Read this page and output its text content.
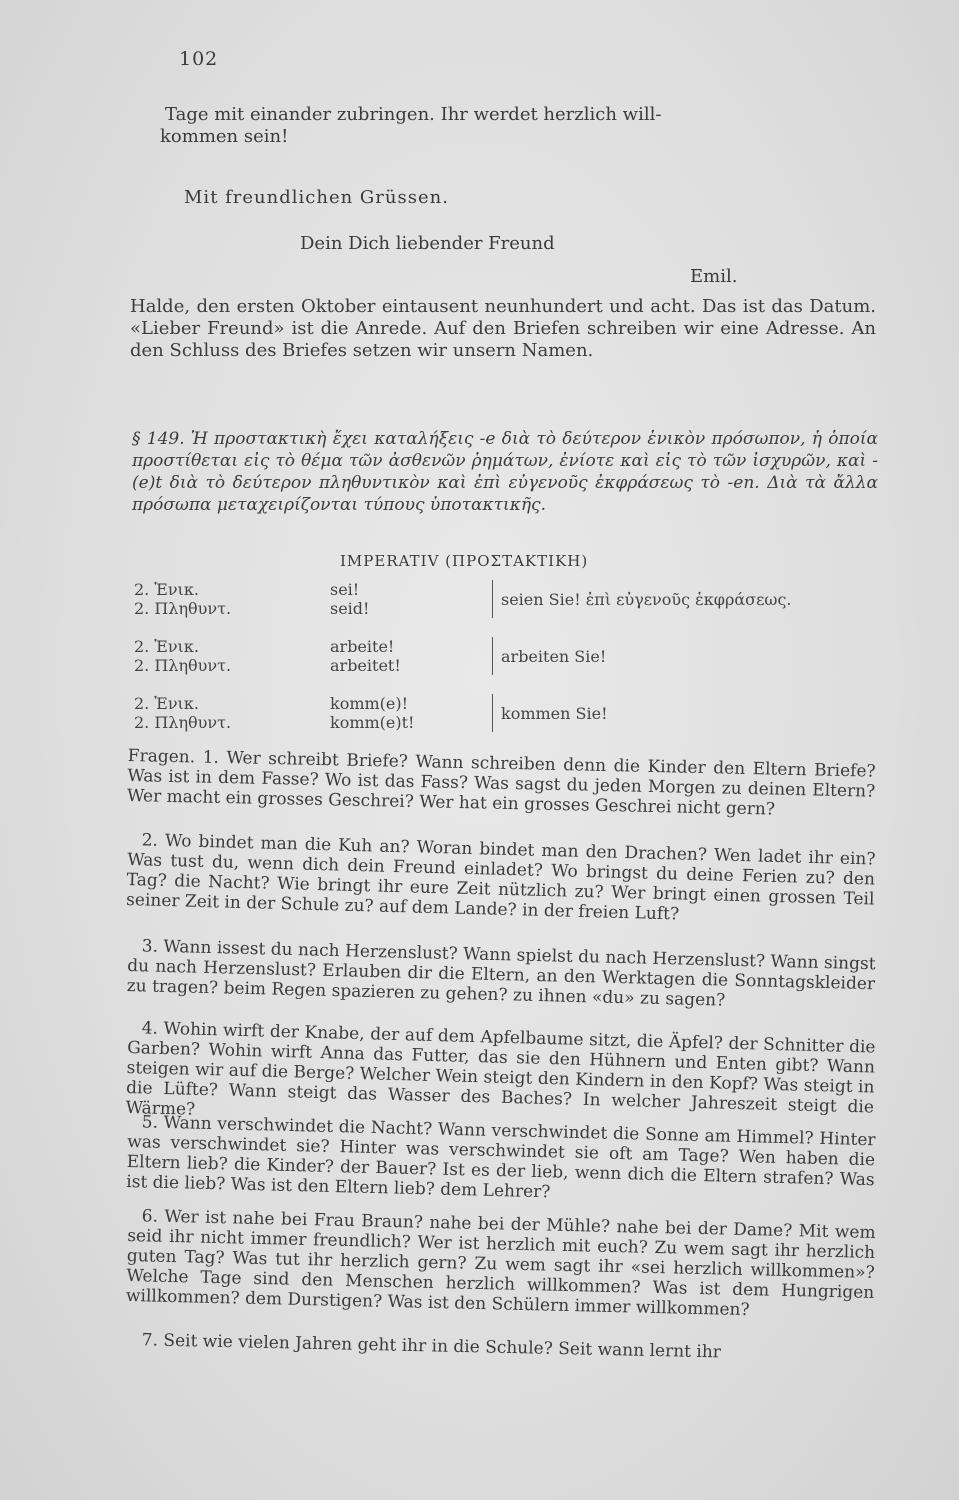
102
Tage mit einander zubringen. Ihr werdet herzlich will-
kommen sein!
Mit freundlichen Grüssen.
Dein Dich liebender Freund
Emil.
Halde, den ersten Oktober eintausent neunhundert und acht. Das ist das Datum. «Lieber Freund» ist die Anrede. Auf den Briefen schreiben wir eine Adresse. An den Schluss des Briefes setzen wir unsern Namen.
§ 149. Ἡ προστακτικὴ ἔχει καταλήξεις -e διὰ τὸ δεύτερον ἑνικὸν πρόσωπον, ἡ ὁποία προστίθεται εἰς τὸ θέμα τῶν ἀσθενῶν ῥημάτων, ἐνίοτε καὶ εἰς τὸ τῶν ἰσχυρῶν, καὶ -(e)t διὰ τὸ δεύτερον πληθυντικὸν καὶ ἐπὶ εὐγενοῦς ἐκφράσεως τὸ -en. Διὰ τὰ ἄλλα πρόσωπα μεταχειρίζονται τύπους ὑποτακτικῆς.
IMPERATIV (ΠΡΟΣΤΑΚΤΙΚΗ)
2. Ἑνικ.	sei!	seien Sie! ἐπὶ εὐγενοῦς ἐκφράσεως.
2. Πληθυντ.	seid!	

2. Ἑνικ.	arbeite!	arbeiten Sie!
2. Πληθυντ.	arbeitet!	

2. Ἑνικ.	komm(e)!	kommen Sie!
2. Πληθυντ.	komm(e)t!	
Fragen. 1. Wer schreibt Briefe? Wann schreiben denn die Kinder den Eltern Briefe? Was ist in dem Fasse? Wo ist das Fass? Was sagst du jeden Morgen zu deinen Eltern? Wer macht ein grosses Geschrei? Wer hat ein grosses Geschrei nicht gern?
2. Wo bindet man die Kuh an? Woran bindet man den Drachen? Wen ladet ihr ein? Was tust du, wenn dich dein Freund einladet? Wo bringst du deine Ferien zu? den Tag? die Nacht? Wie bringt ihr eure Zeit nützlich zu? Wer bringt einen grossen Teil seiner Zeit in der Schule zu? auf dem Lande? in der freien Luft?
3. Wann issest du nach Herzenslust? Wann spielst du nach Herzenslust? Wann singst du nach Herzenslust? Erlauben dir die Eltern, an den Werktagen die Sonntagskleider zu tragen? beim Regen spazieren zu gehen? zu ihnen «du» zu sagen?
4. Wohin wirft der Knabe, der auf dem Apfelbaume sitzt, die Äpfel? der Schnitter die Garben? Wohin wirft Anna das Futter, das sie den Hühnern und Enten gibt? Wann steigen wir auf die Berge? Welcher Wein steigt den Kindern in den Kopf? Was steigt in die Lüfte? Wann steigt das Wasser des Baches? In welcher Jahreszeit steigt die Wärme?
5. Wann verschwindet die Nacht? Wann verschwindet die Sonne am Himmel? Hinter was verschwindet sie? Hinter was verschwindet sie oft am Tage? Wen haben die Eltern lieb? die Kinder? der Bauer? Ist es der lieb, wenn dich die Eltern strafen? Was ist die lieb? Was ist den Eltern lieb? dem Lehrer?
6. Wer ist nahe bei Frau Braun? nahe bei der Mühle? nahe bei der Dame? Mit wem seid ihr nicht immer freundlich? Wer ist herzlich mit euch? Zu wem sagt ihr herzlich guten Tag? Was tut ihr herzlich gern? Zu wem sagt ihr «sei herzlich willkommen»? Welche Tage sind den Menschen herzlich willkommen? Was ist dem Hungrigen willkommen? dem Durstigen? Was ist den Schülern immer willkommen?
7. Seit wie vielen Jahren geht ihr in die Schule? Seit wann lernt ihr
